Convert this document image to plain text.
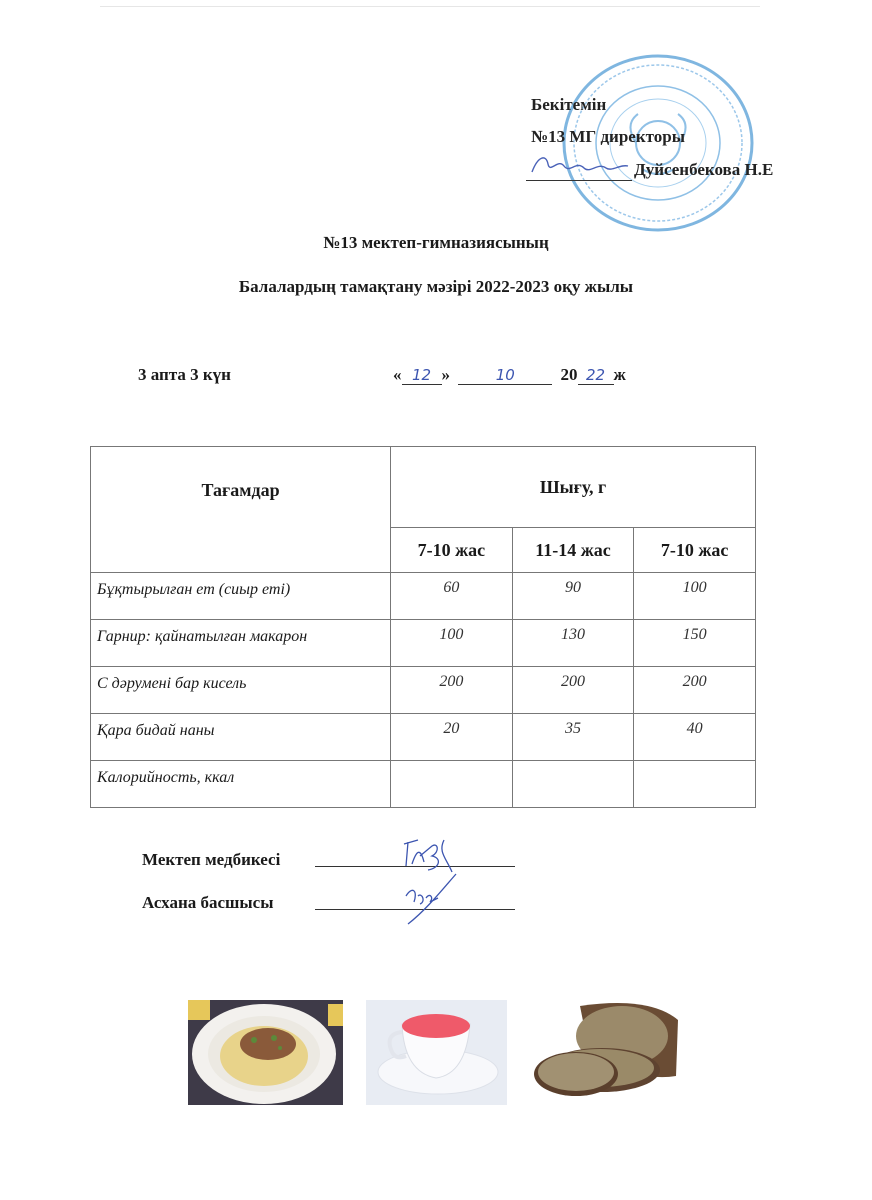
Бекітемін
№13 МГ директоры
Дуйсенбекова Н.Е
№13 мектеп-гимназиясының
Балалардың тамақтану мәзірі 2022-2023 оқу жылы
3 апта 3 күн	« 12 »	10	20 22 ж
Тағамдар	Шығу, г		
	7-10 жас	11-14 жас	7-10 жас
Бұқтырылған ет (сиыр еті)	60	90	100
Гарнир: қайнатылған макарон	100	130	150
С дәрумені бар кисель	200	200	200
Қара бидай наны	20	35	40
Калорийность, ккал			
Мектеп медбикесі
Асхана басшысы
